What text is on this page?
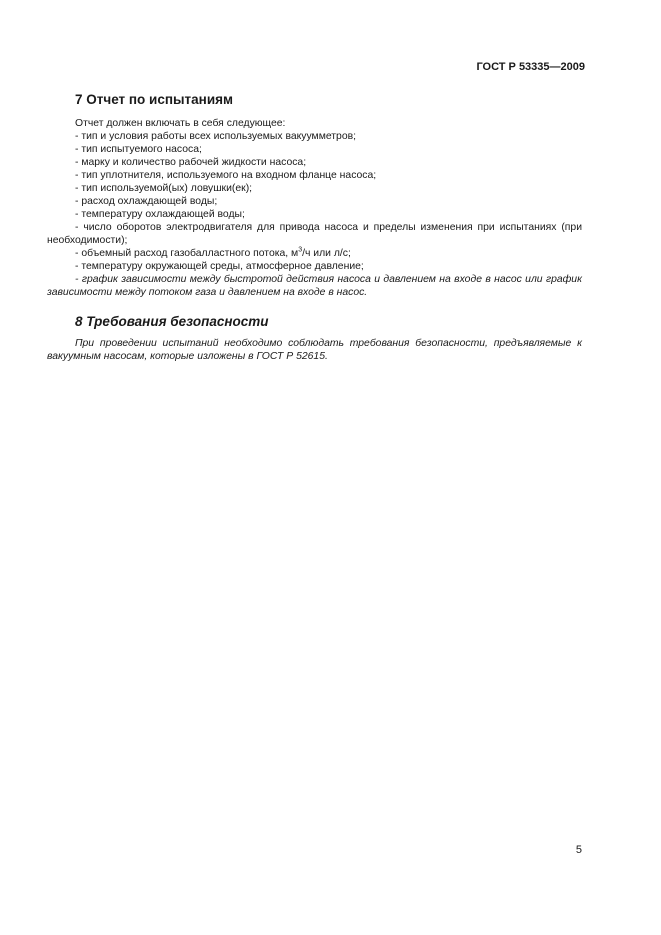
ГОСТ Р 53335—2009
7 Отчет по испытаниям

Отчет должен включать в себя следующее:

- тип и условия работы всех используемых вакуумметров;

- тип испытуемого насоса;

- марку и количество рабочей жидкости насоса;

- тип уплотнителя, используемого на входном фланце насоса;

- тип используемой(ых) ловушки(ек);

- расход охлаждающей воды;

- температуру охлаждающей воды;

- число оборотов электродвигателя для привода насоса и пределы изменения при испытаниях (при необходимости);

- объемный расход газобалластного потока, $м^3/ч$ или л/с;

- температуру окружающей среды, атмосферное давление;

- график зависимости между быстротой действия насоса и давлением на входе в насос или график зависимости между потоком газа и давлением на входе в насос.

8 Требования безопасности

При проведении испытаний необходимо соблюдать требования безопасности, предъявляемые к вакуумным насосам, которые изложены в ГОСТ Р 52615.

5
